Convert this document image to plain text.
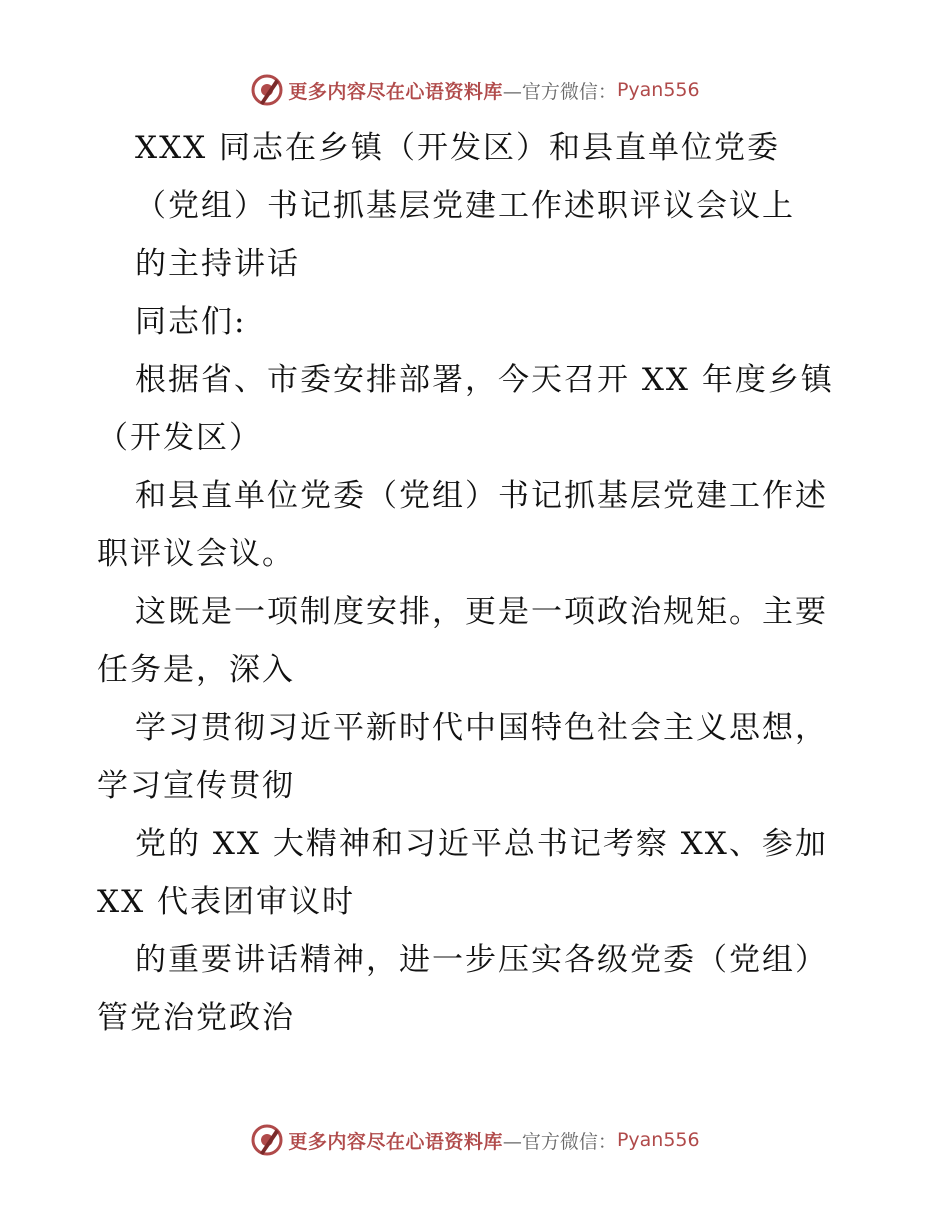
更多内容尽在心语资料库 —官方微信： Pyan556
XXX 同志在乡镇（开发区）和县直单位党委
（党组）书记抓基层党建工作述职评议会议上
的主持讲话
同志们:
根据省、市委安排部署，今天召开 XX 年度乡镇
（开发区）
和县直单位党委（党组）书记抓基层党建工作述
职评议会议。
这既是一项制度安排，更是一项政治规矩。主要
任务是，深入
学习贯彻习近平新时代中国特色社会主义思想，
学习宣传贯彻
党的 XX 大精神和习近平总书记考察 XX、参加
XX 代表团审议时
的重要讲话精神，进一步压实各级党委（党组）
管党治党政治
更多内容尽在心语资料库 —官方微信： Pyan556
